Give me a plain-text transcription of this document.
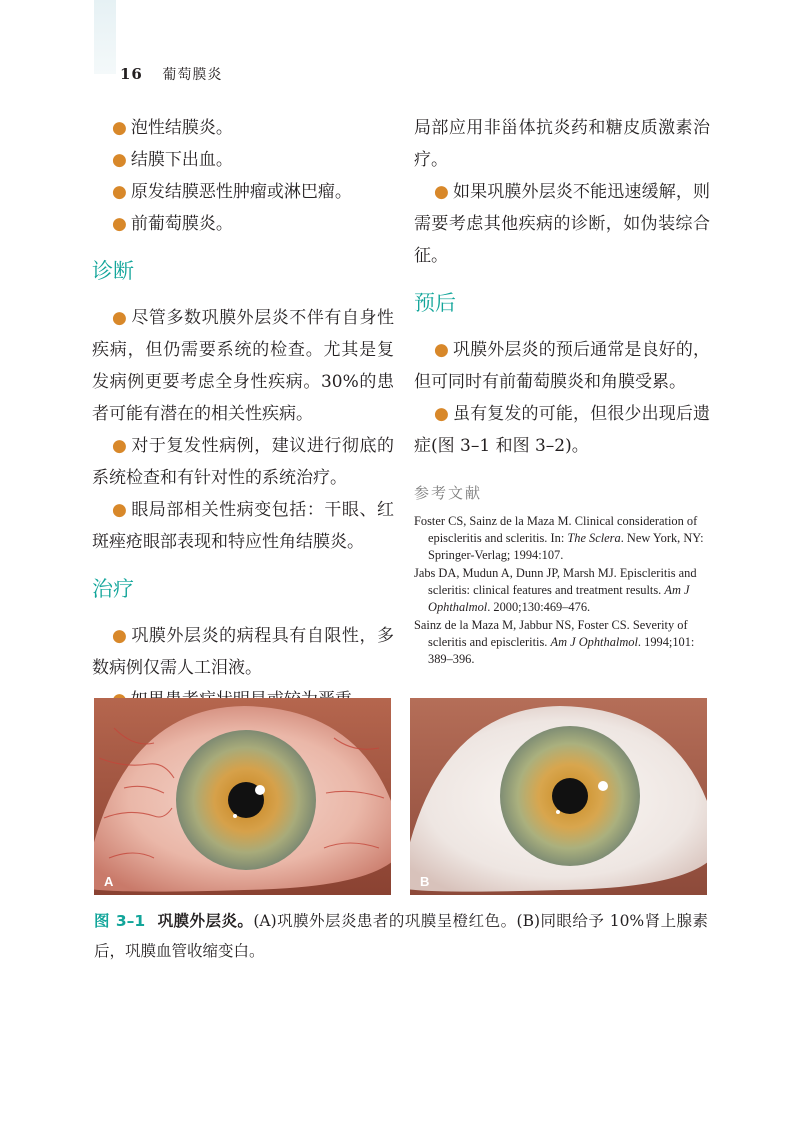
16 葡萄膜炎

● 泡性结膜炎。

● 结膜下出血。

● 原发结膜恶性肿瘤或淋巴瘤。

● 前葡萄膜炎。

诊断

● 尽管多数巩膜外层炎不伴有自身性疾病，但仍需要系统的检查。尤其是复发病例更要考虑全身性疾病。30%的患者可能有潜在的相关性疾病。

● 对于复发性病例，建议进行彻底的系统检查和有针对性的系统治疗。

● 眼局部相关性病变包括：干眼、红斑痤疮眼部表现和特应性角结膜炎。

治疗

● 巩膜外层炎的病程具有自限性，多数病例仅需人工泪液。

局部应用非甾体抗炎药和糖皮质激素治疗。

● 如果巩膜外层炎不能迅速缓解，则需要考虑其他疾病的诊断，如伪装综合征。

预后

● 巩膜外层炎的预后通常是良好的，但可同时有前葡萄膜炎和角膜受累。

● 虽有复发的可能，但很少出现后遗症(图 3–1 和图 3–2)。

参考文献

Foster CS, Sainz de la Maza M. Clinical consideration of episcleritis and scleritis. In: The Sclera. New York, NY: Springer-Verlag; 1994:107.

Jabs DA, Mudun A, Dunn JP, Marsh MJ. Episcleritis and scleritis: clinical features and treatment results. Am J Ophthalmol. 2000;130:469–476.

Sainz de la Maza M, Jabbur NS, Foster CS. Severity of scleritis and episcleritis. Am J Ophthalmol. 1994;101: 389–396.

A	B
图 3–1 巩膜外层炎。(A)巩膜外层炎患者的巩膜呈橙红色。(B)同眼给予 10%肾上腺素后，巩膜血管收缩变白。
